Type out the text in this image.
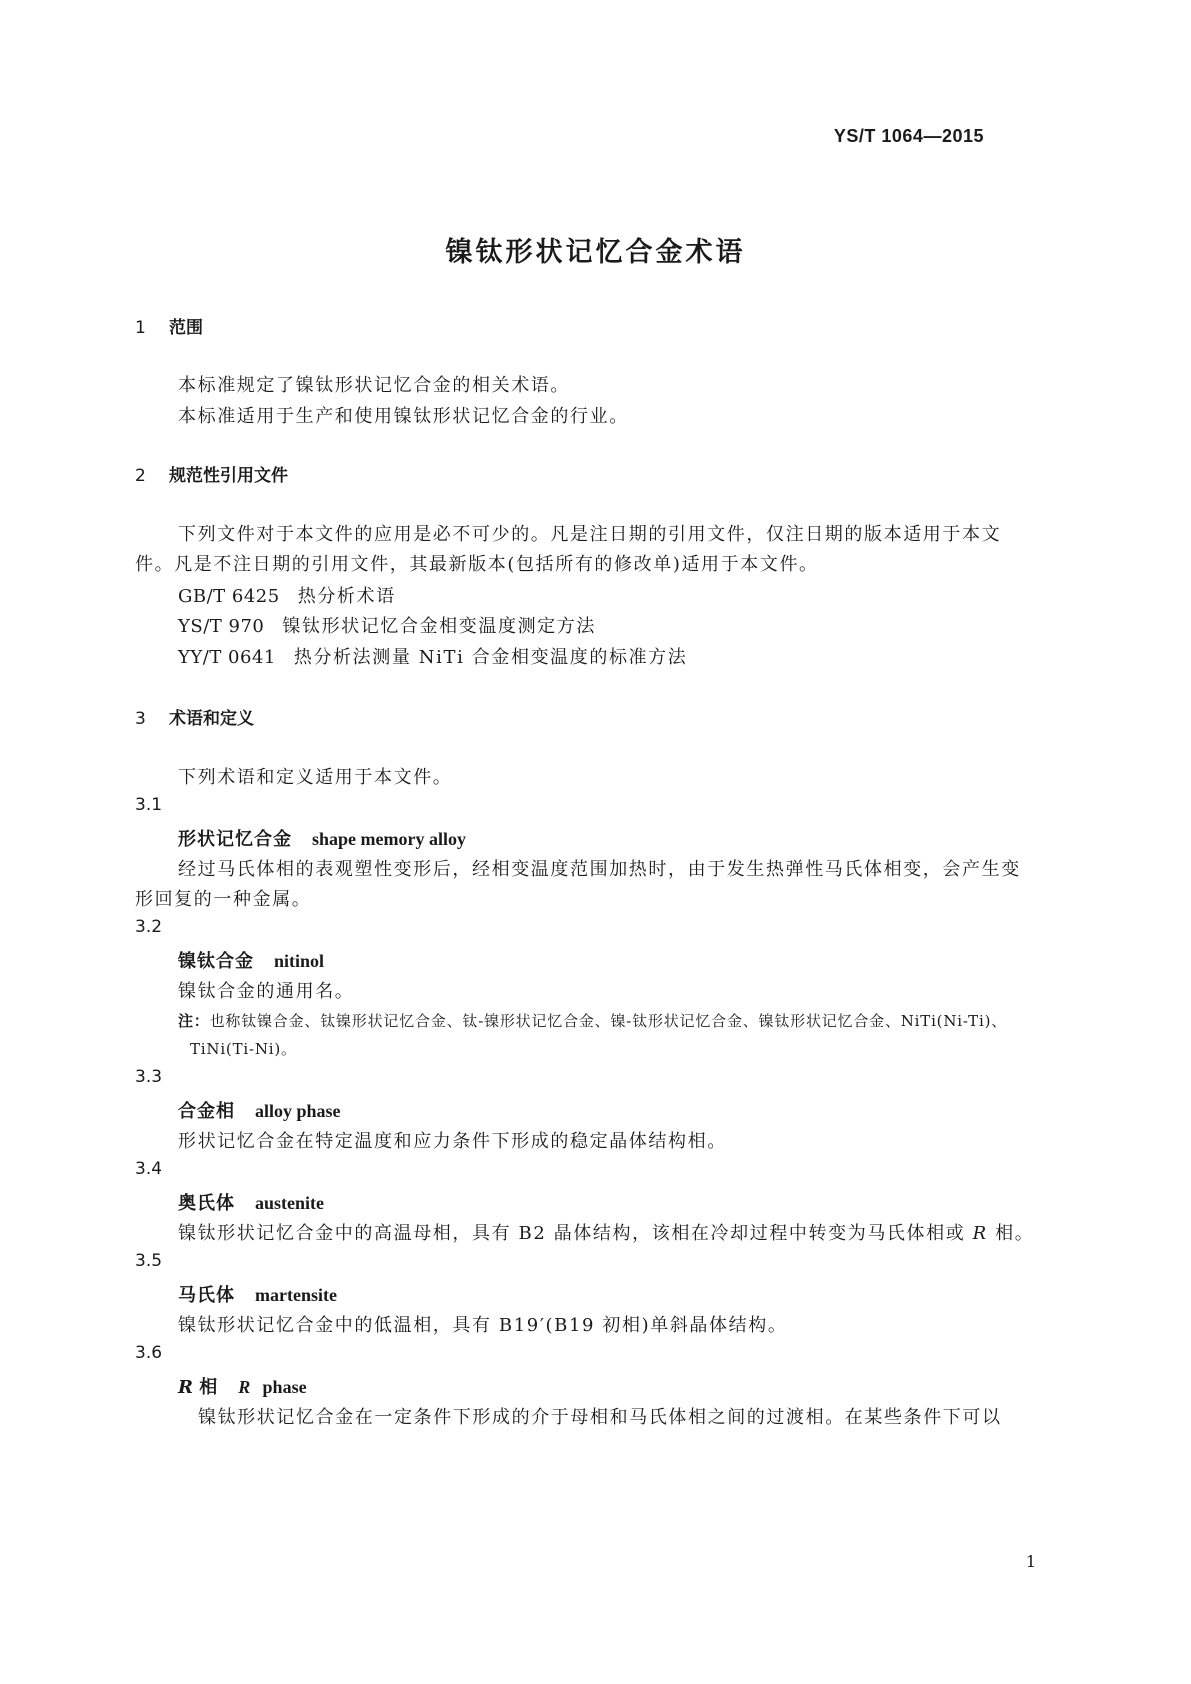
YS/T 1064—2015
镍钛形状记忆合金术语
1 范围
本标准规定了镍钛形状记忆合金的相关术语。
本标准适用于生产和使用镍钛形状记忆合金的行业。
2 规范性引用文件
下列文件对于本文件的应用是必不可少的。凡是注日期的引用文件，仅注日期的版本适用于本文
件。凡是不注日期的引用文件，其最新版本(包括所有的修改单)适用于本文件。
GB/T 6425 热分析术语
YS/T 970 镍钛形状记忆合金相变温度测定方法
YY/T 0641 热分析法测量 NiTi 合金相变温度的标准方法
3 术语和定义
下列术语和定义适用于本文件。
3.1
形状记忆合金 shape memory alloy
经过马氏体相的表观塑性变形后，经相变温度范围加热时，由于发生热弹性马氏体相变，会产生变
形回复的一种金属。
3.2
镍钛合金 nitinol
镍钛合金的通用名。
注：也称钛镍合金、钛镍形状记忆合金、钛-镍形状记忆合金、镍-钛形状记忆合金、镍钛形状记忆合金、NiTi(Ni-Ti)、
TiNi(Ti-Ni)。
3.3
合金相 alloy phase
形状记忆合金在特定温度和应力条件下形成的稳定晶体结构相。
3.4
奥氏体 austenite
镍钛形状记忆合金中的高温母相，具有 B2 晶体结构，该相在冷却过程中转变为马氏体相或 R 相。
3.5
马氏体 martensite
镍钛形状记忆合金中的低温相，具有 B19′(B19 初相)单斜晶体结构。
3.6
R 相 R phase
镍钛形状记忆合金在一定条件下形成的介于母相和马氏体相之间的过渡相。在某些条件下可以
1
